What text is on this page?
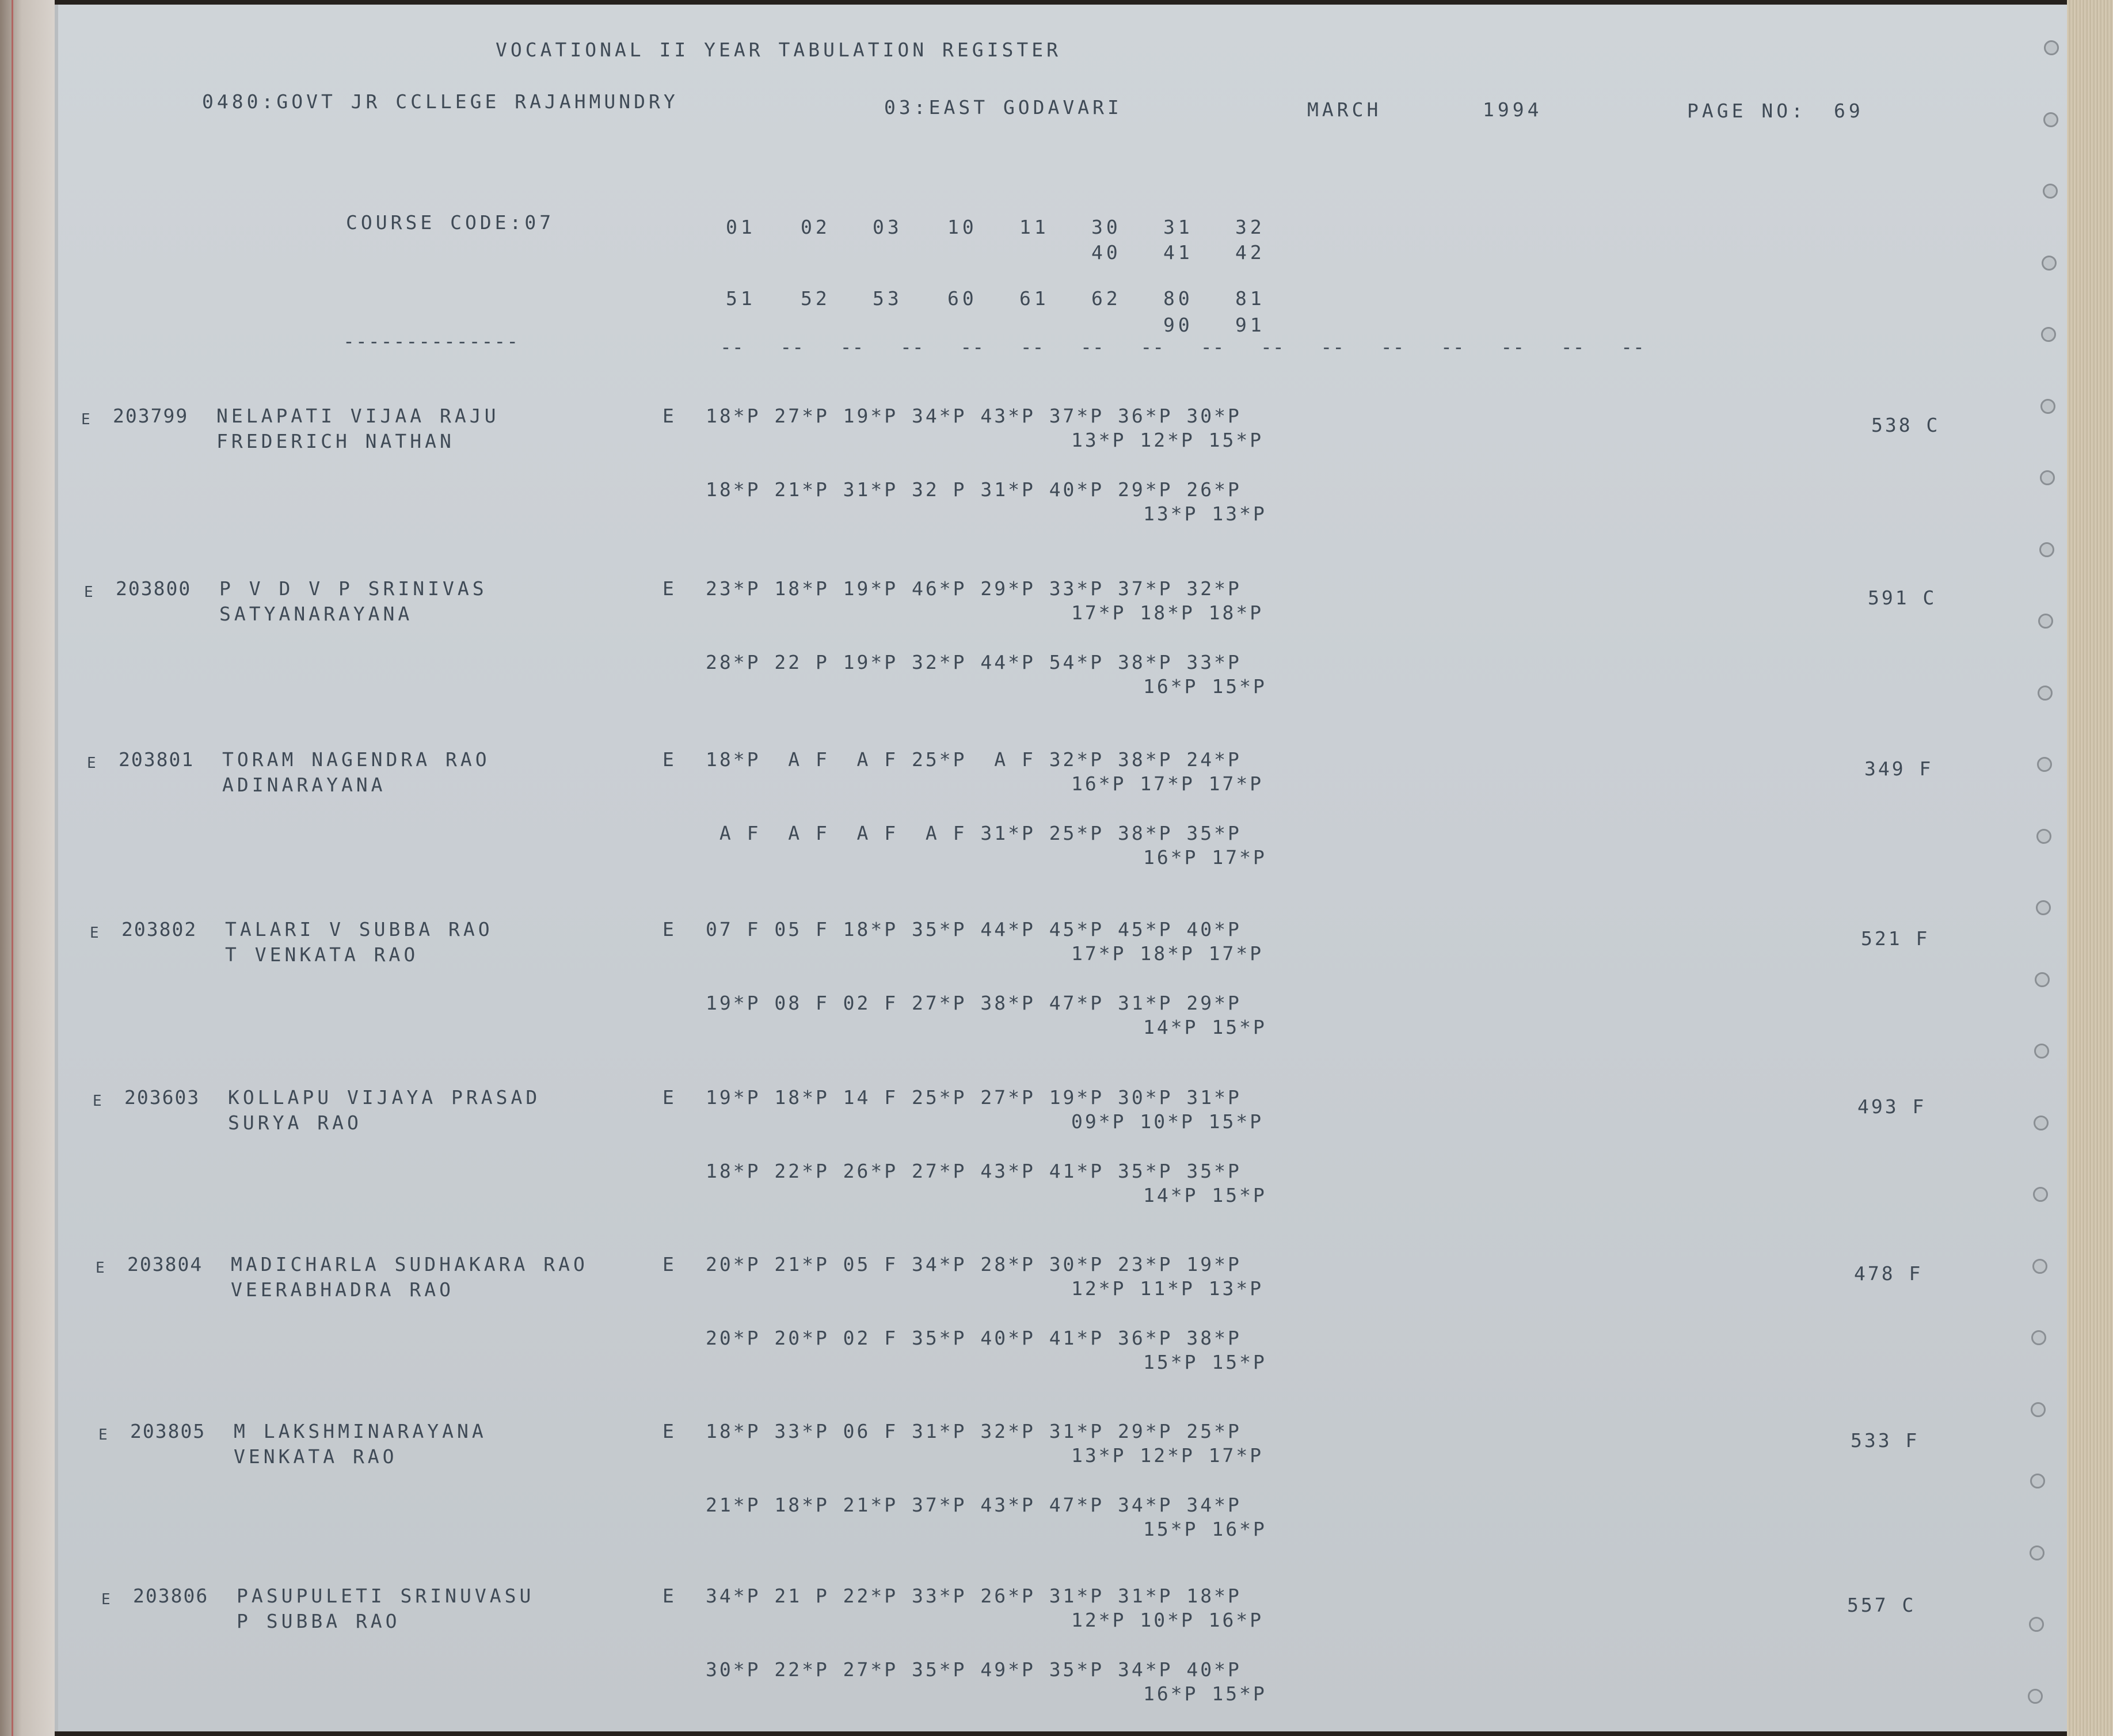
VOCATIONAL II YEAR TABULATION REGISTER
0480:GOVT JR CCLLEGE RAJAHMUNDRY	03:EAST GODAVARI	MARCH	1994	PAGE NO: 69
COURSE CODE:07	01 02 03 10 11 30 31 32
40 41 42
51 52 53 60 61 62 80 81
90 91
--------------	--   --   --   --   --   --   --   --   --   --   --   --   --   --   --   --
E 203799 NELAPATI VIJAA RAJU
FREDERICH NATHAN
E 18*P 27*P 19*P 34*P 43*P 37*P 36*P 30*P
13*P 12*P 15*P
18*P 21*P 31*P 32 P 31*P 40*P 29*P 26*P
13*P 13*P
538 C
E 203800 P V D V P SRINIVAS
SATYANARAYANA
E 23*P 18*P 19*P 46*P 29*P 33*P 37*P 32*P
17*P 18*P 18*P
28*P 22 P 19*P 32*P 44*P 54*P 38*P 33*P
16*P 15*P
591 C
E 203801 TORAM NAGENDRA RAO
ADINARAYANA
E 18*P  A F  A F 25*P  A F 32*P 38*P 24*P
16*P 17*P 17*P
A F  A F  A F  A F 31*P 25*P 38*P 35*P
16*P 17*P
349 F
E 203802 TALARI V SUBBA RAO
T VENKATA RAO
E 07 F 05 F 18*P 35*P 44*P 45*P 45*P 40*P
17*P 18*P 17*P
19*P 08 F 02 F 27*P 38*P 47*P 31*P 29*P
14*P 15*P
521 F
E 203603 KOLLAPU VIJAYA PRASAD
SURYA RAO
E 19*P 18*P 14 F 25*P 27*P 19*P 30*P 31*P
09*P 10*P 15*P
18*P 22*P 26*P 27*P 43*P 41*P 35*P 35*P
14*P 15*P
493 F
E 203804 MADICHARLA SUDHAKARA RAO
VEERABHADRA RAO
E 20*P 21*P 05 F 34*P 28*P 30*P 23*P 19*P
12*P 11*P 13*P
20*P 20*P 02 F 35*P 40*P 41*P 36*P 38*P
15*P 15*P
478 F
E 203805 M LAKSHMINARAYANA
VENKATA RAO
E 18*P 33*P 06 F 31*P 32*P 31*P 29*P 25*P
13*P 12*P 17*P
21*P 18*P 21*P 37*P 43*P 47*P 34*P 34*P
15*P 16*P
533 F
E 203806 PASUPULETI SRINUVASU
P SUBBA RAO
E 34*P 21 P 22*P 33*P 26*P 31*P 31*P 18*P
12*P 10*P 16*P
30*P 22*P 27*P 35*P 49*P 35*P 34*P 40*P
16*P 15*P
557 C
